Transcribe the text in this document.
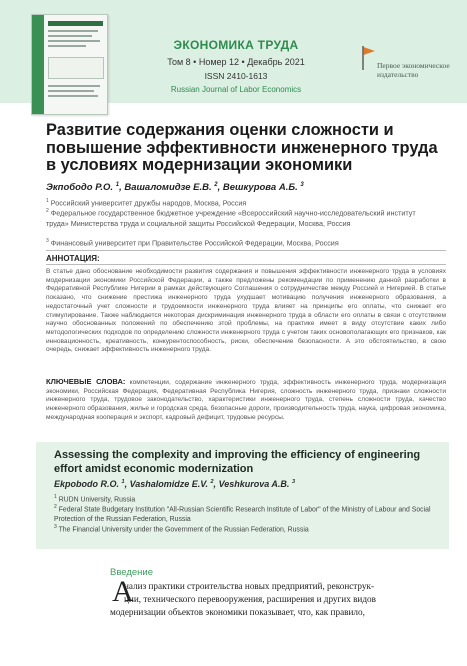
ЭКОНОМИКА ТРУДА
Том 8 • Номер 12 • Декабрь 2021
ISSN 2410-1613
Russian Journal of Labor Economics
Первое экономическое издательство
Развитие содержания оценки сложности и повышение эффективности инженерного труда в условиях модернизации экономики
Экпободо Р.О. $^1$, Вашаломидзе Е.В. $^2$, Вешкурова А.Б. $^3$
$^1$ Российский университет дружбы народов, Москва, Россия
$^2$ Федеральное государственное бюджетное учреждение «Всероссийский научно-исследовательский институт труда» Министерства труда и социальной защиты Российской Федерации, Москва, Россия
$^3$ Финансовый университет при Правительстве Российской Федерации, Москва, Россия
АННОТАЦИЯ:
В статье дано обоснование необходимости развития содержания и повышения эффективности инженерного труда в условиях модернизации экономики Российской Федерации, а также предложены рекомендации по применению данной разработки в Федеративной Республике Нигерии в рамках действующего Соглашения о сотрудничестве между Россией и Нигерией. В статье показано, что снижение престижа инженерного труда ухудшает мотивацию получения инженерного образования, а недостаточный учет сложности и трудоемкости инженерного труда влияет на принципы его оплаты, что снижает его стимулирование. Также наблюдается некоторая дискриминация инженерного труда в области его оплаты в связи с отсутствием научно обоснованных положений по обеспечению этой проблемы, на практике имеет в виду отсутствие каких либо методологических подходов по определению сложности инженерного труда с учетом таких основополагающих его признаков, как инновационность, креативность, конкурентоспособность, риски, обеспечение безопасности. А это обстоятельство, в свою очередь, снижает эффективность инженерного труда.
КЛЮЧЕВЫЕ СЛОВА: компетенции, содержание инженерного труда, эффективность инженерного труда, модернизация экономики, Российская Федерация, Федеративная Республика Нигерия, сложность инженерного труда, признаки сложности инженерного труда, трудовое законодательство, характеристики инженерного труда, степень сложности труда, качество инженерного образования, жилье и городская среда, безопасные дороги, производительность труда, наука, цифровая экономика, международная кооперация и экспорт, кадровый дефицит, трудовые ресурсы.
Assessing the complexity and improving the efficiency of engineering effort amidst economic modernization
Ekpobodo R.O. $^1$, Vashalomidze E.V. $^2$, Veshkurova A.B. $^3$
$^1$ RUDN University, Russia
$^2$ Federal State Budgetary Institution "All-Russian Scientific Research Institute of Labor" of the Ministry of Labour and Social Protection of the Russian Federation, Russia
$^3$ The Financial University under the Government of the Russian Federation, Russia
Введение
А
нализ практики строительства новых предприятий, реконструк-
ции, технического перевооружения, расширения и других видов
модернизации объектов экономики показывает, что, как правило,
